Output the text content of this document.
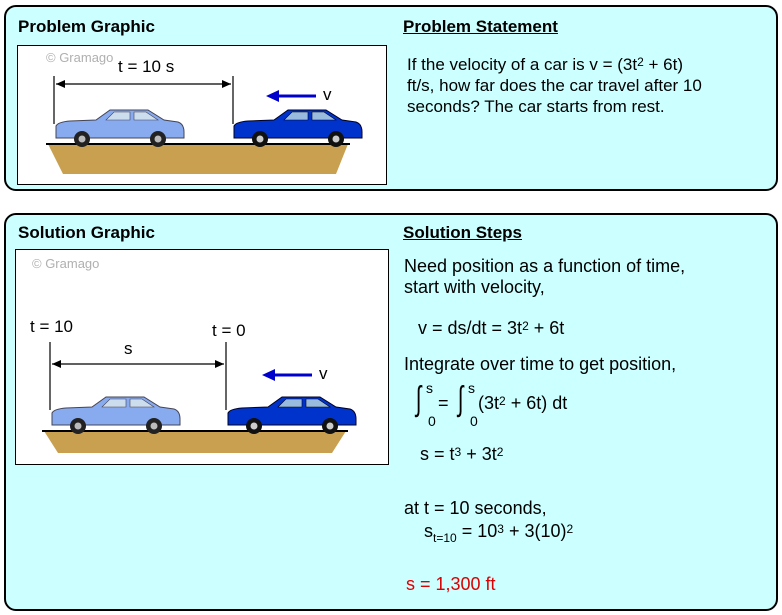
Problem Graphic	Problem Statement
© Gramago t = 10 s
v
If the velocity of a car is $v = (3t^2 + 6t)$
ft/s, how far does the car travel after 10
seconds? The car starts from rest.
Solution Graphic	Solution Steps
© Gramago
t = 10	t = 0
s
v
Need position as a function of time,
start with velocity,
$v = ds/dt = 3t^2 + 6t$
Integrate over time to get position,
∫ s
0
= ∫ s
0
$(3t^2 + 6t)$ dt
$s = t^3 + 3t^2$
at t = 10 seconds,
$s_{t=10} = 10^3 + 3(10)^2$
s = 1,300 ft
